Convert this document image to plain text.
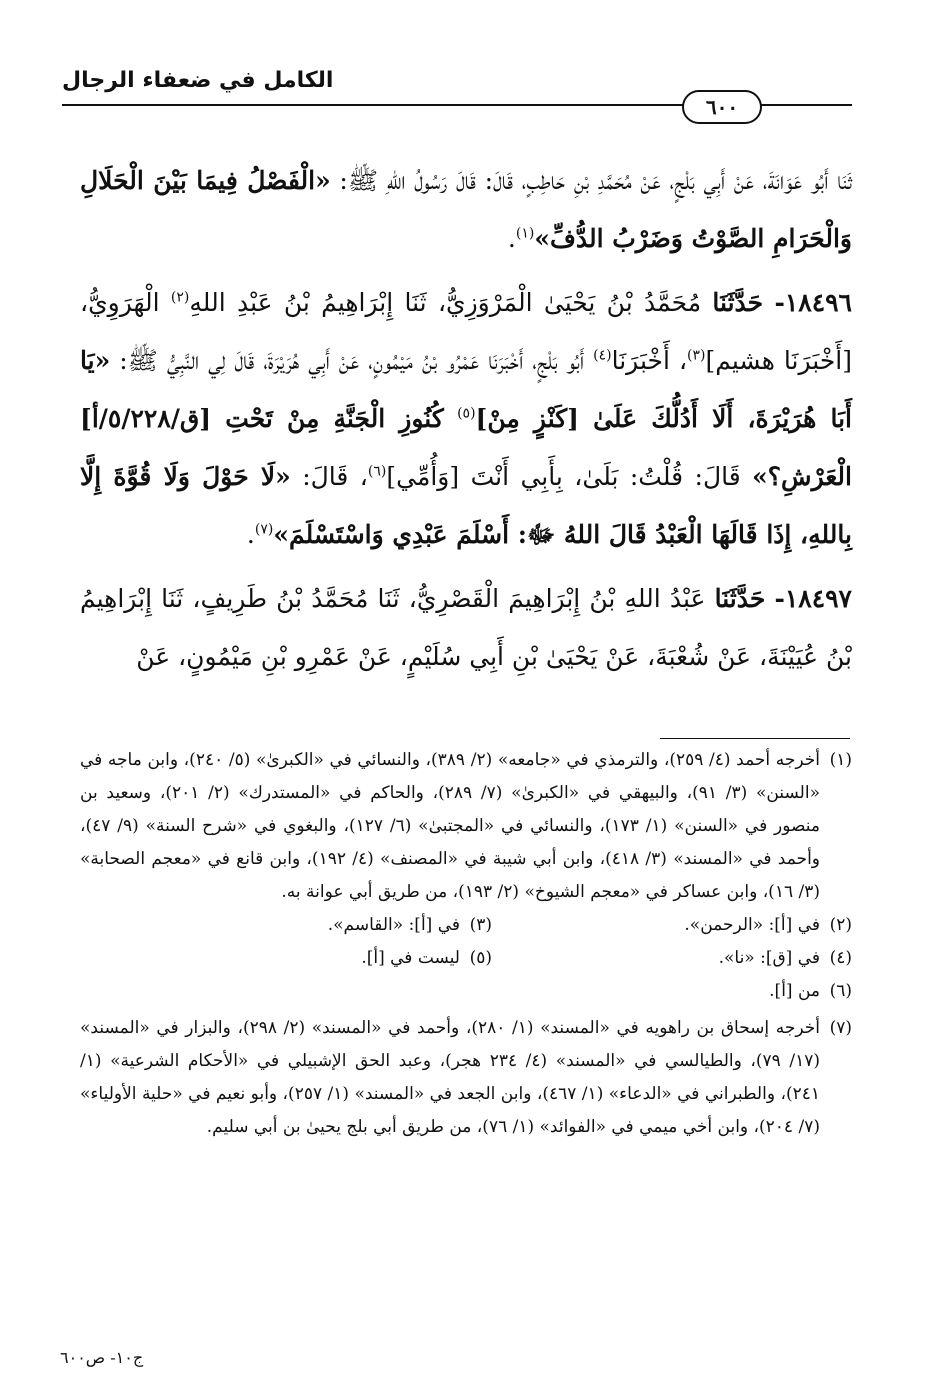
الكامل في ضعفاء الرجال
٦٠٠

ثَنَا أَبُو عَوَانَةَ، عَنْ أَبِي بَلْجٍ، عَنْ مُحَمَّدِ بْنِ حَاطِبٍ، قَالَ: قَالَ رَسُولُ اللهِ ﷺ: «الْفَصْلُ فِيمَا بَيْنَ الْحَلَالِ وَالْحَرَامِ الصَّوْتُ وَضَرْبُ الدُّفِّ»$^{(١)}$.

١٨٤٩٦- حَدَّثَنَا مُحَمَّدُ بْنُ يَحْيَىٰ الْمَرْوَزِيُّ، ثَنَا إِبْرَاهِيمُ بْنُ عَبْدِ اللهِ$^{(٢)}$ الْهَرَوِيُّ، [أَخْبَرَنَا هشيم]$^{(٣)}$، أَخْبَرَنَا$^{(٤)}$ أَبُو بَلْجٍ، أَخْبَرَنَا عَمْرُو بْنُ مَيْمُونٍ، عَنْ أَبِي هُرَيْرَةَ، قَالَ لِي النَّبِيُّ ﷺ: «يَا أَبَا هُرَيْرَةَ، أَلَا أَدُلُّكَ عَلَىٰ [كَنْزٍ مِنْ]$^{(٥)}$ كُنُوزِ الْجَنَّةِ مِنْ تَحْتِ [ق/٥/٢٢٨/أ] الْعَرْشِ؟» قَالَ: قُلْتُ: بَلَىٰ، بِأَبِي أَنْتَ [وَأُمِّي]$^{(٦)}$، قَالَ: «لَا حَوْلَ وَلَا قُوَّةَ إِلَّا بِاللهِ، إِذَا قَالَهَا الْعَبْدُ قَالَ اللهُ ﷻ: أَسْلَمَ عَبْدِي وَاسْتَسْلَمَ»$^{(٧)}$.

١٨٤٩٧- حَدَّثَنَا عَبْدُ اللهِ بْنُ إِبْرَاهِيمَ الْقَصْرِيُّ، ثَنَا مُحَمَّدُ بْنُ طَرِيفٍ، ثَنَا إِبْرَاهِيمُ بْنُ عُيَيْنَةَ، عَنْ شُعْبَةَ، عَنْ يَحْيَىٰ بْنِ أَبِي سُلَيْمٍ، عَنْ عَمْرِو بْنِ مَيْمُونٍ، عَنْ

(١)
أخرجه أحمد (٤/ ٢٥٩)، والترمذي في «جامعه» (٢/ ٣٨٩)، والنسائي في «الكبرىٰ» (٥/ ٢٤٠)، وابن ماجه في «السنن» (٣/ ٩١)، والبيهقي في «الكبرىٰ» (٧/ ٢٨٩)، والحاكم في «المستدرك» (٢/ ٢٠١)، وسعيد بن منصور في «السنن» (١/ ١٧٣)، والنسائي في «المجتبىٰ» (٦/ ١٢٧)، والبغوي في «شرح السنة» (٩/ ٤٧)، وأحمد في «المسند» (٣/ ٤١٨)، وابن أبي شيبة في «المصنف» (٤/ ١٩٢)، وابن قانع في «معجم الصحابة» (٣/ ١٦)، وابن عساكر في «معجم الشيوخ» (٢/ ١٩٣)، من طريق أبي عوانة به.
(٢)
في [أ]: «الرحمن».
(٣)
في [أ]: «القاسم».
(٤)
في [ق]: «نا».
(٥)
ليست في [أ].
(٦)
من [أ].
(٧)
أخرجه إسحاق بن راهويه في «المسند» (١/ ٢٨٠)، وأحمد في «المسند» (٢/ ٢٩٨)، والبزار في «المسند» (١٧/ ٧٩)، والطيالسي في «المسند» (٤/ ٢٣٤ هجر)، وعبد الحق الإشبيلي في «الأحكام الشرعية» (١/ ٢٤١)، والطبراني في «الدعاء» (١/ ٤٦٧)، وابن الجعد في «المسند» (١/ ٢٥٧)، وأبو نعيم في «حلية الأولياء» (٧/ ٢٠٤)، وابن أخي ميمي في «الفوائد» (١/ ٧٦)، من طريق أبي بلج يحيىٰ بن أبي سليم.
ج١٠- ص٦٠٠
